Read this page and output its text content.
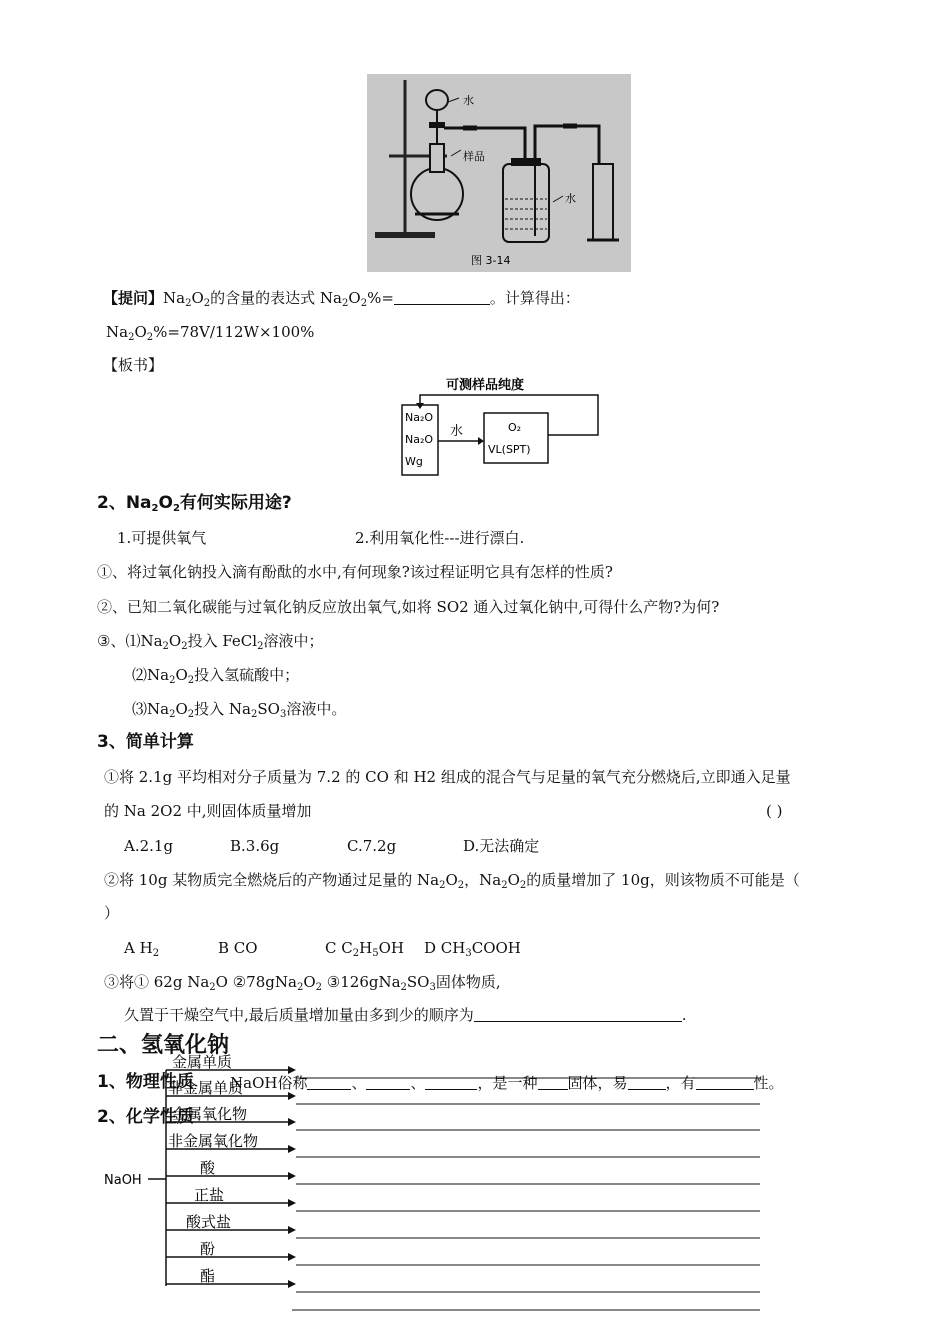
水
样品
水
图 3-14
【提问】$Na_2O_2$的含量的表达式 $Na_2O_2\%=$	。计算得出：
$Na_2O_2\%=78V/112W\times 100\%$
【板书】
可测样品纯度
Na₂O
Na₂O
Wg
水	O₂
VL(SPT)
2、$Na_2O_2$有何实际用途?
1.可提供氧气	2.利用氧化性---进行漂白.
①、将过氧化钠投入滴有酚酞的水中,有何现象?该过程证明它具有怎样的性质?
②、已知二氧化碳能与过氧化钠反应放出氧气,如将 SO2 通入过氧化钠中,可得什么产物?为何?
③、$⑴Na_2O_2$投入 FeCl$_2$溶液中；
$⑵Na_2O_2$投入氢硫酸中；
$⑶Na_2O_2$投入 $Na_2SO_3$溶液中。
3、简单计算
①将 2.1g 平均相对分子质量为 7.2 的 CO 和 H2 组成的混合气与足量的氧气充分燃烧后,立即通入足量
的 Na 2O2 中,则固体质量增加	( )
A.2.1g	B.3.6g	C.7.2g	D.无法确定
②将 10g 某物质完全燃烧后的产物通过足量的 $Na_2O_2$，$Na_2O_2$的质量增加了 10g，则该物质不可能是（
）
A $H_2$	B CO	C $C_2H_5OH$ D $CH_3COOH$
③将① 62g $Na_2O$ $②78gNa_2O_2$ $③126gNa_2SO_3$固体物质,
久置于干燥空气中,最后质量增加量由多到少的顺序为	.
二、氢氧化钠
1、物理性质 NaOH俗称	、	、	，是一种 固体，易	，有	性。
2、化学性质
NaOH
金属单质
非金属单质
金属氧化物
非金属氧化物
酸
正盐
酸式盐
酚
酯
